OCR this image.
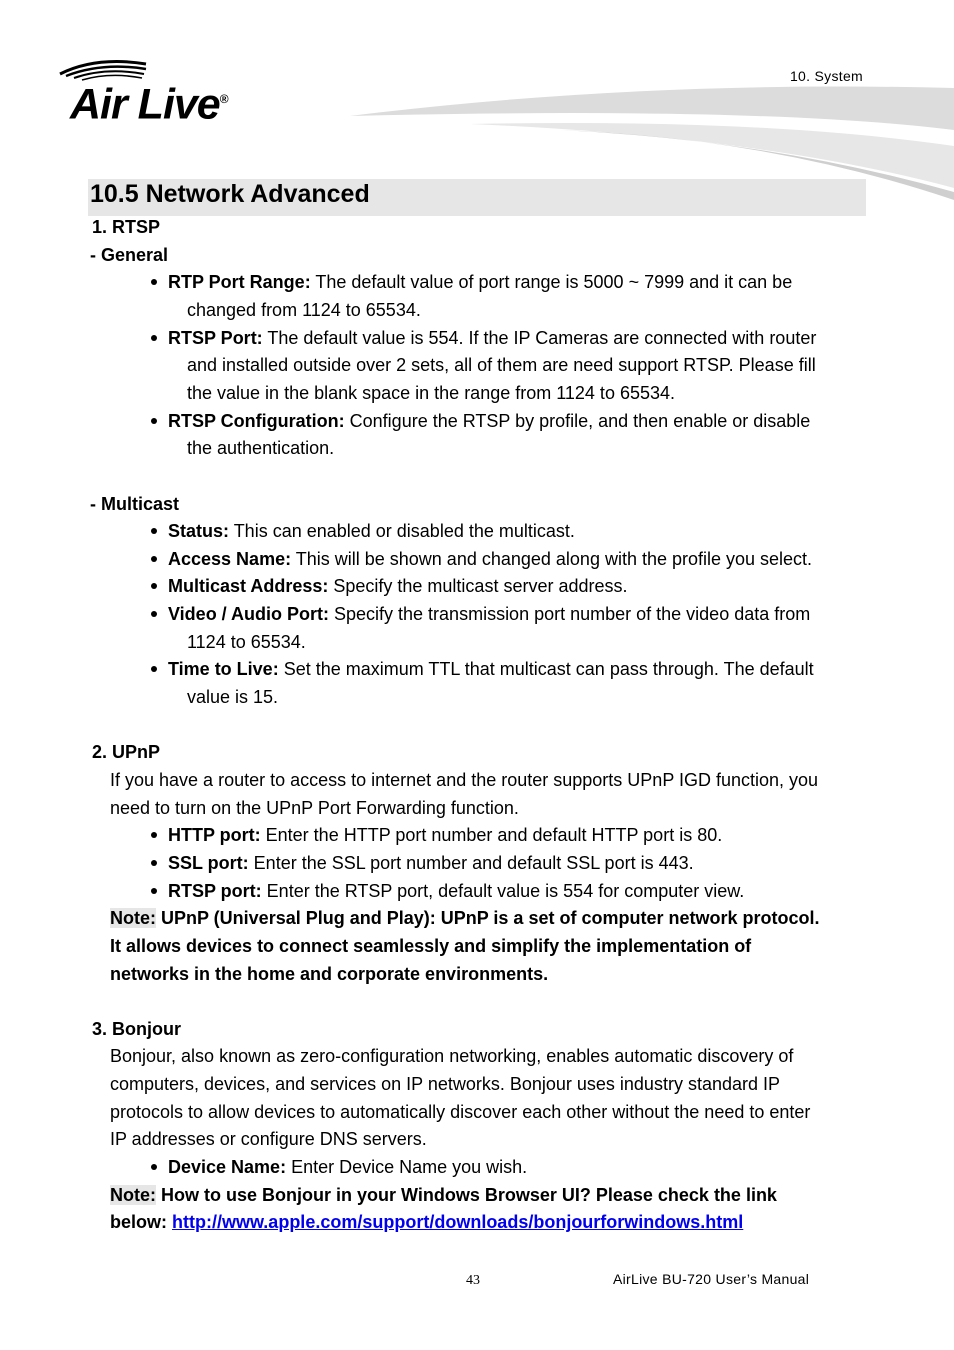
Air Live®
10. System
10.5 Network Advanced
1. RTSP
- General
RTP Port Range: The default value of port range is 5000 ~ 7999 and it can be
changed from 1124 to 65534.
RTSP Port: The default value is 554. If the IP Cameras are connected with router
and installed outside over 2 sets, all of them are need support RTSP. Please fill
the value in the blank space in the range from 1124 to 65534.
RTSP Configuration: Configure the RTSP by profile, and then enable or disable
the authentication.
- Multicast
Status: This can enabled or disabled the multicast.
Access Name: This will be shown and changed along with the profile you select.
Multicast Address: Specify the multicast server address.
Video / Audio Port: Specify the transmission port number of the video data from
1124 to 65534.
Time to Live: Set the maximum TTL that multicast can pass through. The default
value is 15.
2. UPnP
If you have a router to access to internet and the router supports UPnP IGD function, you
need to turn on the UPnP Port Forwarding function.
HTTP port: Enter the HTTP port number and default HTTP port is 80.
SSL port: Enter the SSL port number and default SSL port is 443.
RTSP port: Enter the RTSP port, default value is 554 for computer view.
Note: UPnP (Universal Plug and Play): UPnP is a set of computer network protocol.
It allows devices to connect seamlessly and simplify the implementation of
networks in the home and corporate environments.
3. Bonjour
Bonjour, also known as zero-configuration networking, enables automatic discovery of
computers, devices, and services on IP networks. Bonjour uses industry standard IP
protocols to allow devices to automatically discover each other without the need to enter
IP addresses or configure DNS servers.
Device Name: Enter Device Name you wish.
Note: How to use Bonjour in your Windows Browser UI? Please check the link
below: http://www.apple.com/support/downloads/bonjourforwindows.html
43	AirLive BU-720 User’s Manual
